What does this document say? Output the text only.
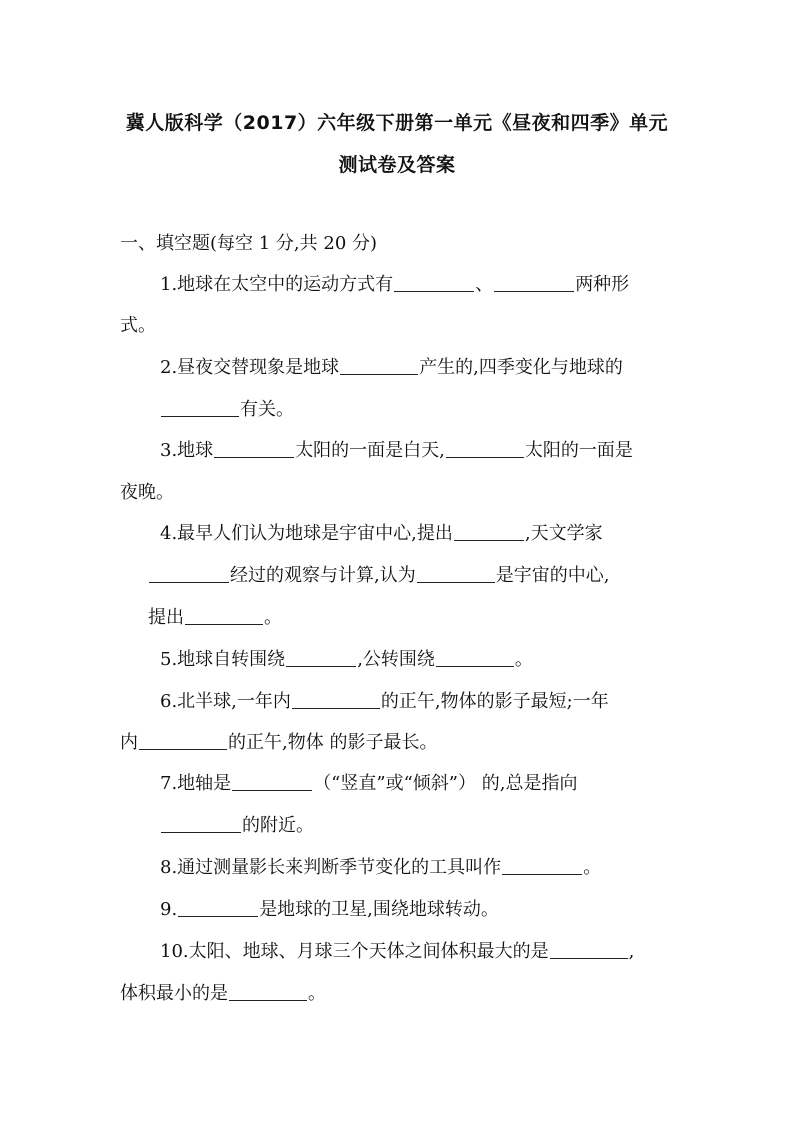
冀人版科学（2017）六年级下册第一单元《昼夜和四季》单元
测试卷及答案
一、填空题(每空 1 分,共 20 分)
1.地球在太空中的运动方式有	、	两种形
式。
2.昼夜交替现象是地球	产生的,四季变化与地球的
有关。
3.地球	太阳的一面是白天,	太阳的一面是
夜晚。
4.最早人们认为地球是宇宙中心,提出	,天文学家
经过的观察与计算,认为	是宇宙的中心,
提出	。
5.地球自转围绕	,公转围绕	。
6.北半球,一年内	的正午,物体的影子最短;一年
内	的正午,物体 的影子最长。
7.地轴是	（“竖直”或“倾斜”） 的,总是指向
的附近。
8.通过测量影长来判断季节变化的工具叫作	。
9.	是地球的卫星,围绕地球转动。
10.太阳、地球、月球三个天体之间体积最大的是	,
体积最小的是	。
